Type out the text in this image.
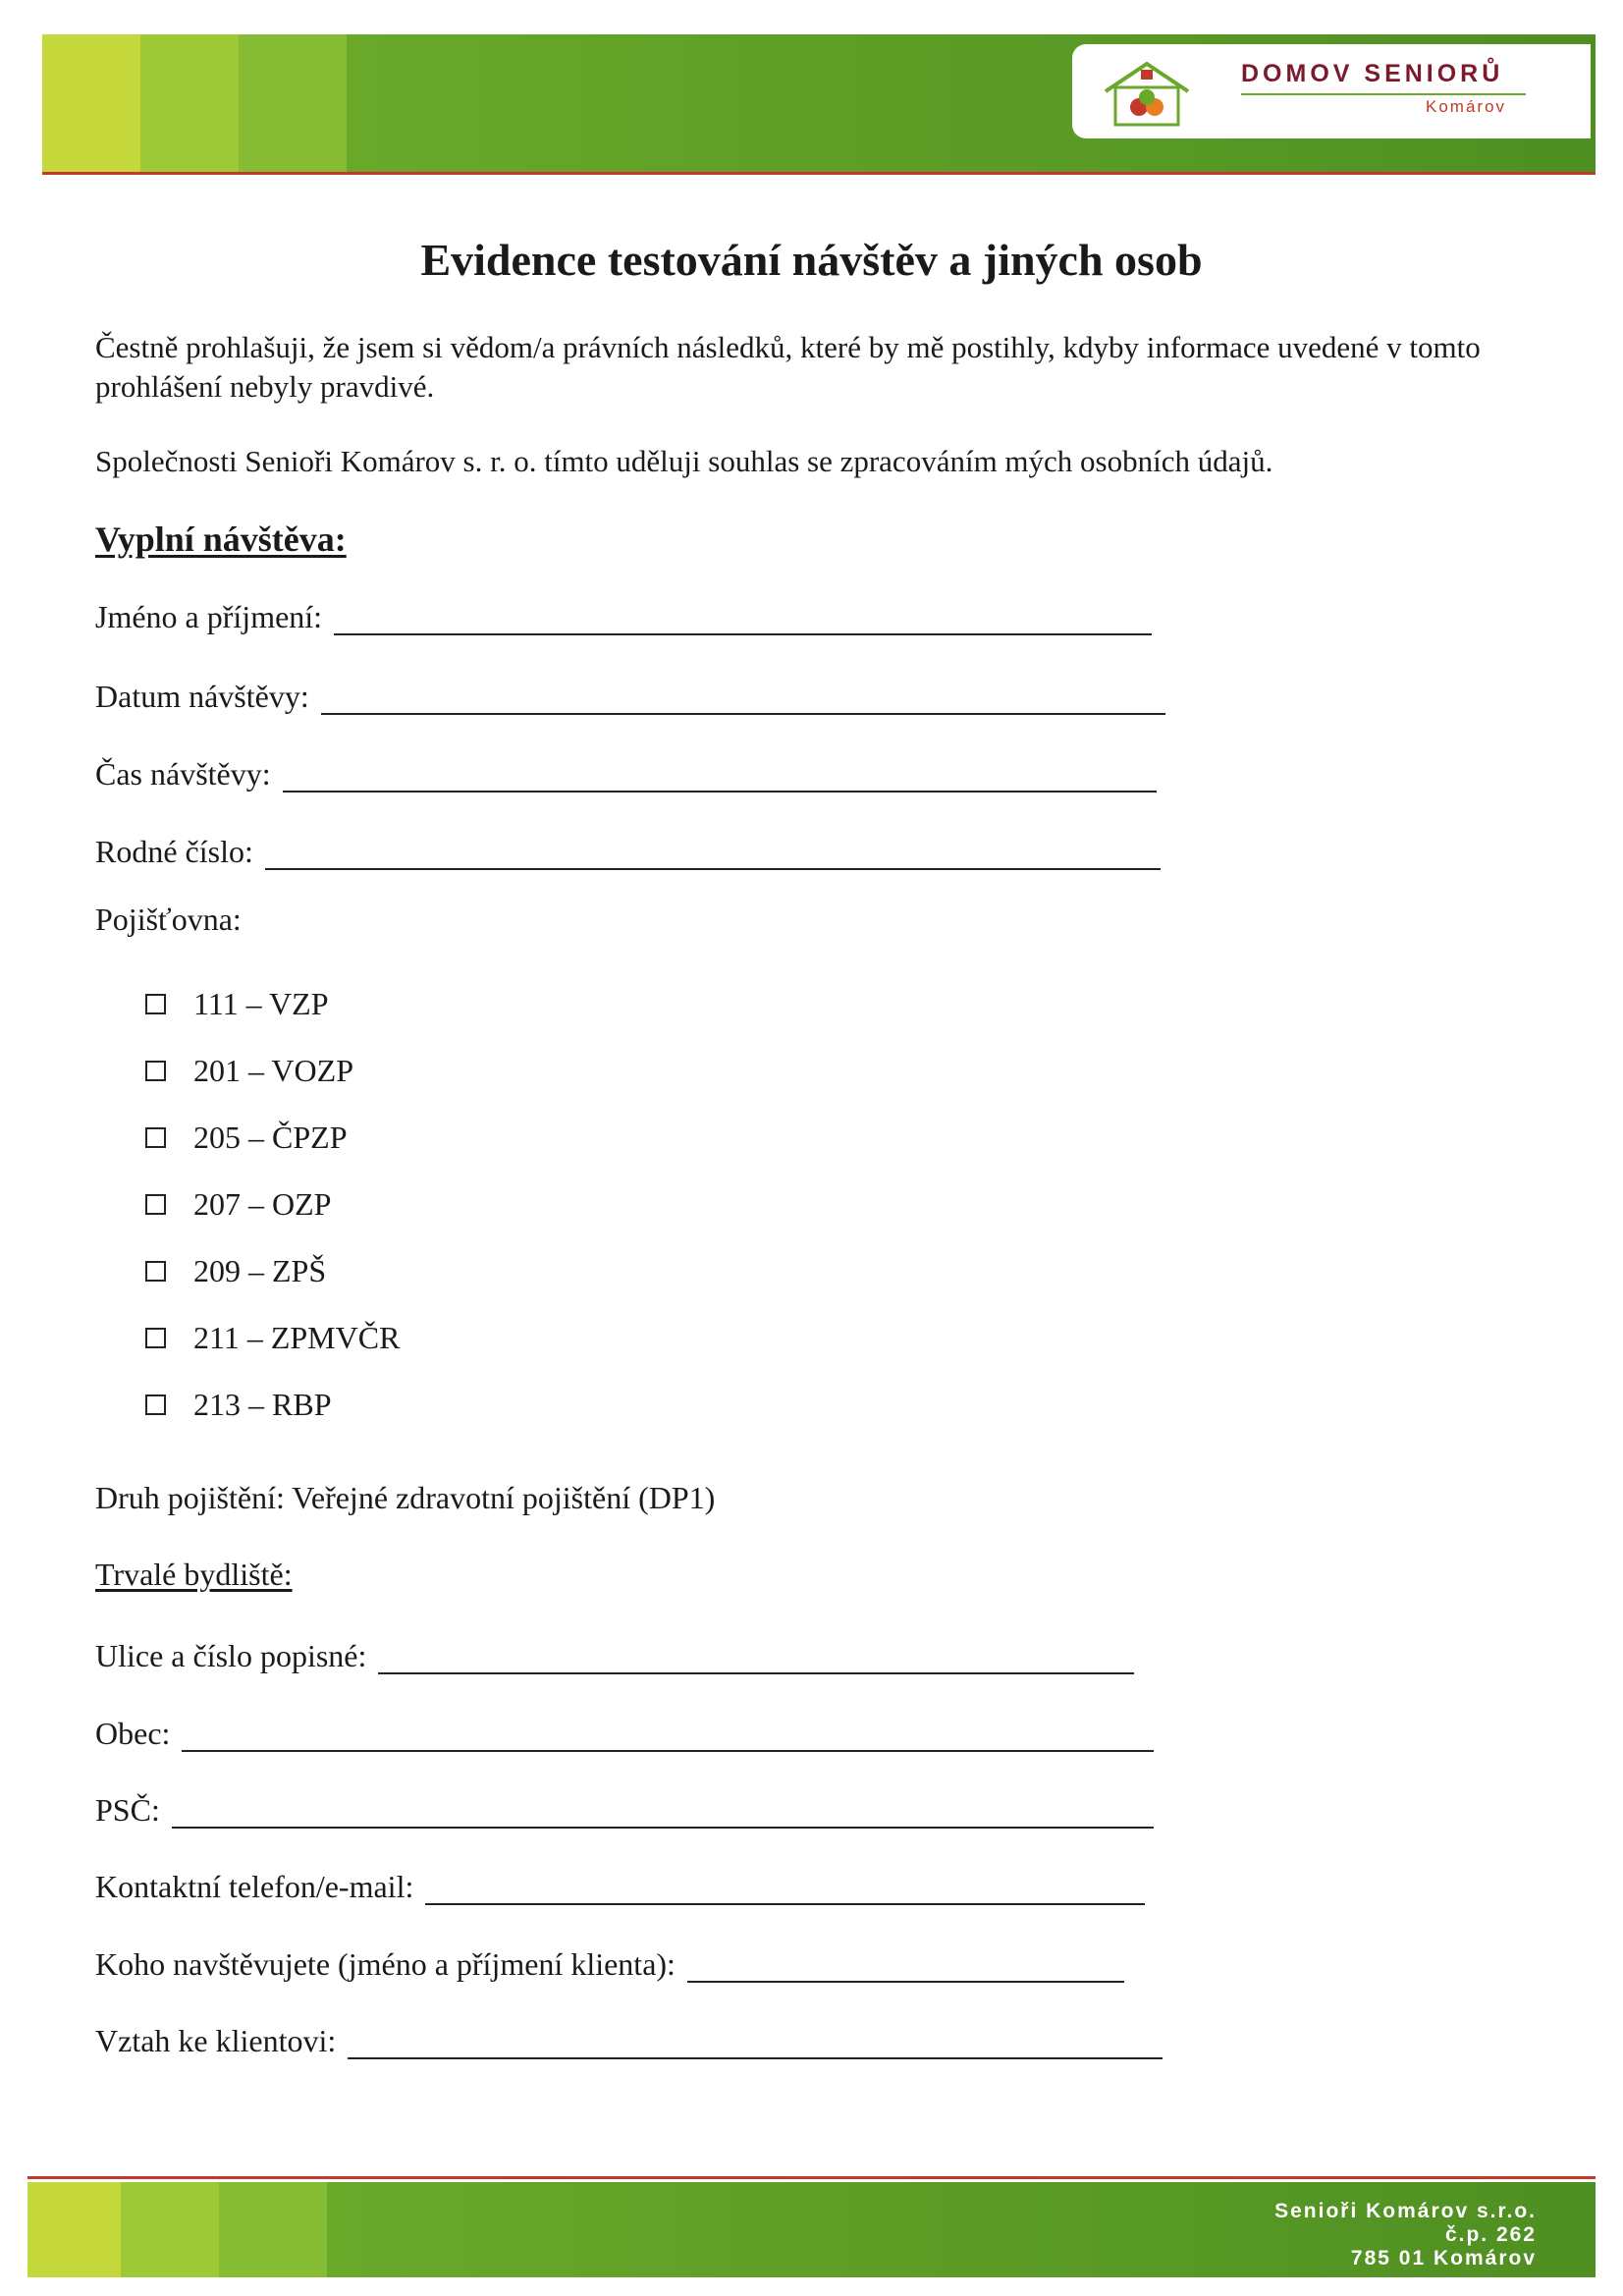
DOMOV SENIORŮ
Komárov
Evidence testování návštěv a jiných osob
Čestně prohlašuji, že jsem si vědom/a právních následků, které by mě postihly, kdyby informace uvedené v tomto prohlášení nebyly pravdivé.
Společnosti Senioři Komárov s. r. o. tímto uděluji souhlas se zpracováním mých osobních údajů.
Vyplní návštěva:
Jméno a příjmení:
Datum návštěvy:
Čas návštěvy:
Rodné číslo:
Pojišťovna:
111 – VZP
201 – VOZP
205 – ČPZP
207 – OZP
209 – ZPŠ
211 – ZPMVČR
213 – RBP
Druh pojištění: Veřejné zdravotní pojištění (DP1)
Trvalé bydliště:
Ulice a číslo popisné:
Obec:
PSČ:
Kontaktní telefon/e-mail:
Koho navštěvujete (jméno a příjmení klienta):
Vztah ke klientovi:
Senioři Komárov s.r.o.
č.p. 262
785 01 Komárov
